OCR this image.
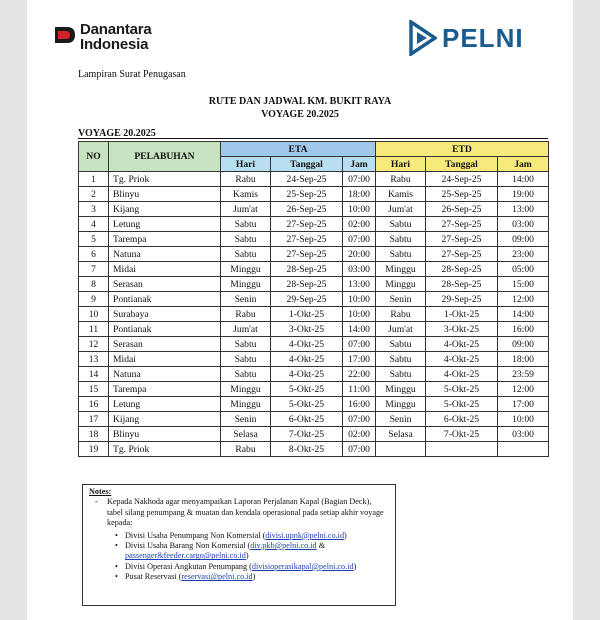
Danantara
Indonesia	PELNI
Lampiran Surat Penugasan
RUTE DAN JADWAL KM. BUKIT RAYA
VOYAGE 20.2025
VOYAGE 20.2025
NO	PELABUHAN	ETA			ETD		
		Hari	Tanggal	Jam	Hari	Tanggal	Jam
1	Tg. Priok	Rabu	24-Sep-25	07:00	Rabu	24-Sep-25	14:00
2	Blinyu	Kamis	25-Sep-25	18:00	Kamis	25-Sep-25	19:00
3	Kijang	Jum'at	26-Sep-25	10:00	Jum'at	26-Sep-25	13:00
4	Letung	Sabtu	27-Sep-25	02:00	Sabtu	27-Sep-25	03:00
5	Tarempa	Sabtu	27-Sep-25	07:00	Sabtu	27-Sep-25	09:00
6	Natuna	Sabtu	27-Sep-25	20:00	Sabtu	27-Sep-25	23:00
7	Midai	Minggu	28-Sep-25	03:00	Minggu	28-Sep-25	05:00
8	Serasan	Minggu	28-Sep-25	13:00	Minggu	28-Sep-25	15:00
9	Pontianak	Senin	29-Sep-25	10:00	Senin	29-Sep-25	12:00
10	Surabaya	Rabu	1-Okt-25	10:00	Rabu	1-Okt-25	14:00
11	Pontianak	Jum'at	3-Okt-25	14:00	Jum'at	3-Okt-25	16:00
12	Serasan	Sabtu	4-Okt-25	07:00	Sabtu	4-Okt-25	09:00
13	Midai	Sabtu	4-Okt-25	17:00	Sabtu	4-Okt-25	18:00
14	Natuna	Sabtu	4-Okt-25	22:00	Sabtu	4-Okt-25	23:59
15	Tarempa	Minggu	5-Okt-25	11:00	Minggu	5-Okt-25	12:00
16	Letung	Minggu	5-Okt-25	16:00	Minggu	5-Okt-25	17:00
17	Kijang	Senin	6-Okt-25	07:00	Senin	6-Okt-25	10:00
18	Blinyu	Selasa	7-Okt-25	02:00	Selasa	7-Okt-25	03:00
19	Tg. Priok	Rabu	8-Okt-25	07:00			
Notes:
- Kepada Nakhoda agar menyampaikan Laporan Perjalanan Kapal (Bagian Deck), tabel silang penumpang & muatan dan kendala operasional pada setiap akhir voyage kepada:
• Divisi Usaha Penumpang Non Komersial (divisi.upnk@pelni.co.id)
• Divisi Usaha Barang Non Komersial (div.pkb@pelni.co.id &
passenger&feeder.cargo@pelni.co.id)
• Divisi Operasi Angkutan Penumpang (divisioperasikapal@pelni.co.id)
• Pusat Reservasi (reservasi@pelni.co.id)
